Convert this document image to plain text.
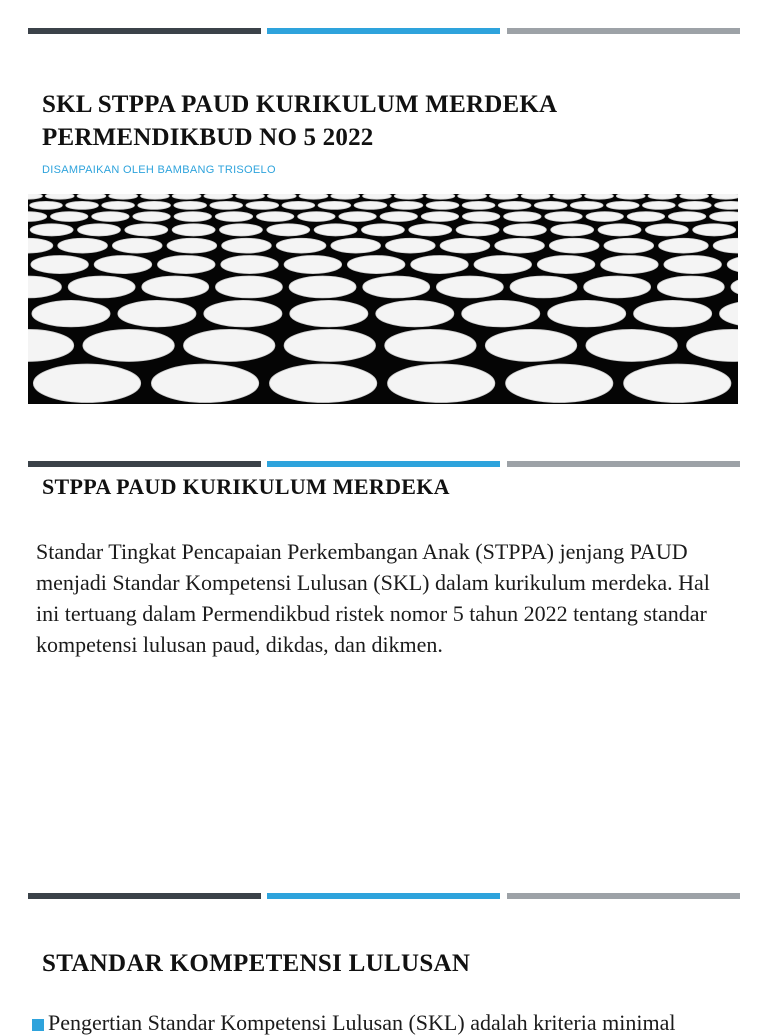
SKL STPPA PAUD KURIKULUM MERDEKA PERMENDIKBUD NO 5 2022

DISAMPAIKAN OLEH BAMBANG TRISOELO

STPPA PAUD KURIKULUM MERDEKA

Standar Tingkat Pencapaian Perkembangan Anak (STPPA) jenjang PAUD menjadi Standar Kompetensi Lulusan (SKL) dalam kurikulum merdeka. Hal ini tertuang dalam Permendikbud ristek nomor 5 tahun 2022 tentang standar kompetensi lulusan paud, dikdas, dan dikmen.

STANDAR KOMPETENSI LULUSAN

Pengertian Standar Kompetensi Lulusan (SKL) adalah kriteria minimal
